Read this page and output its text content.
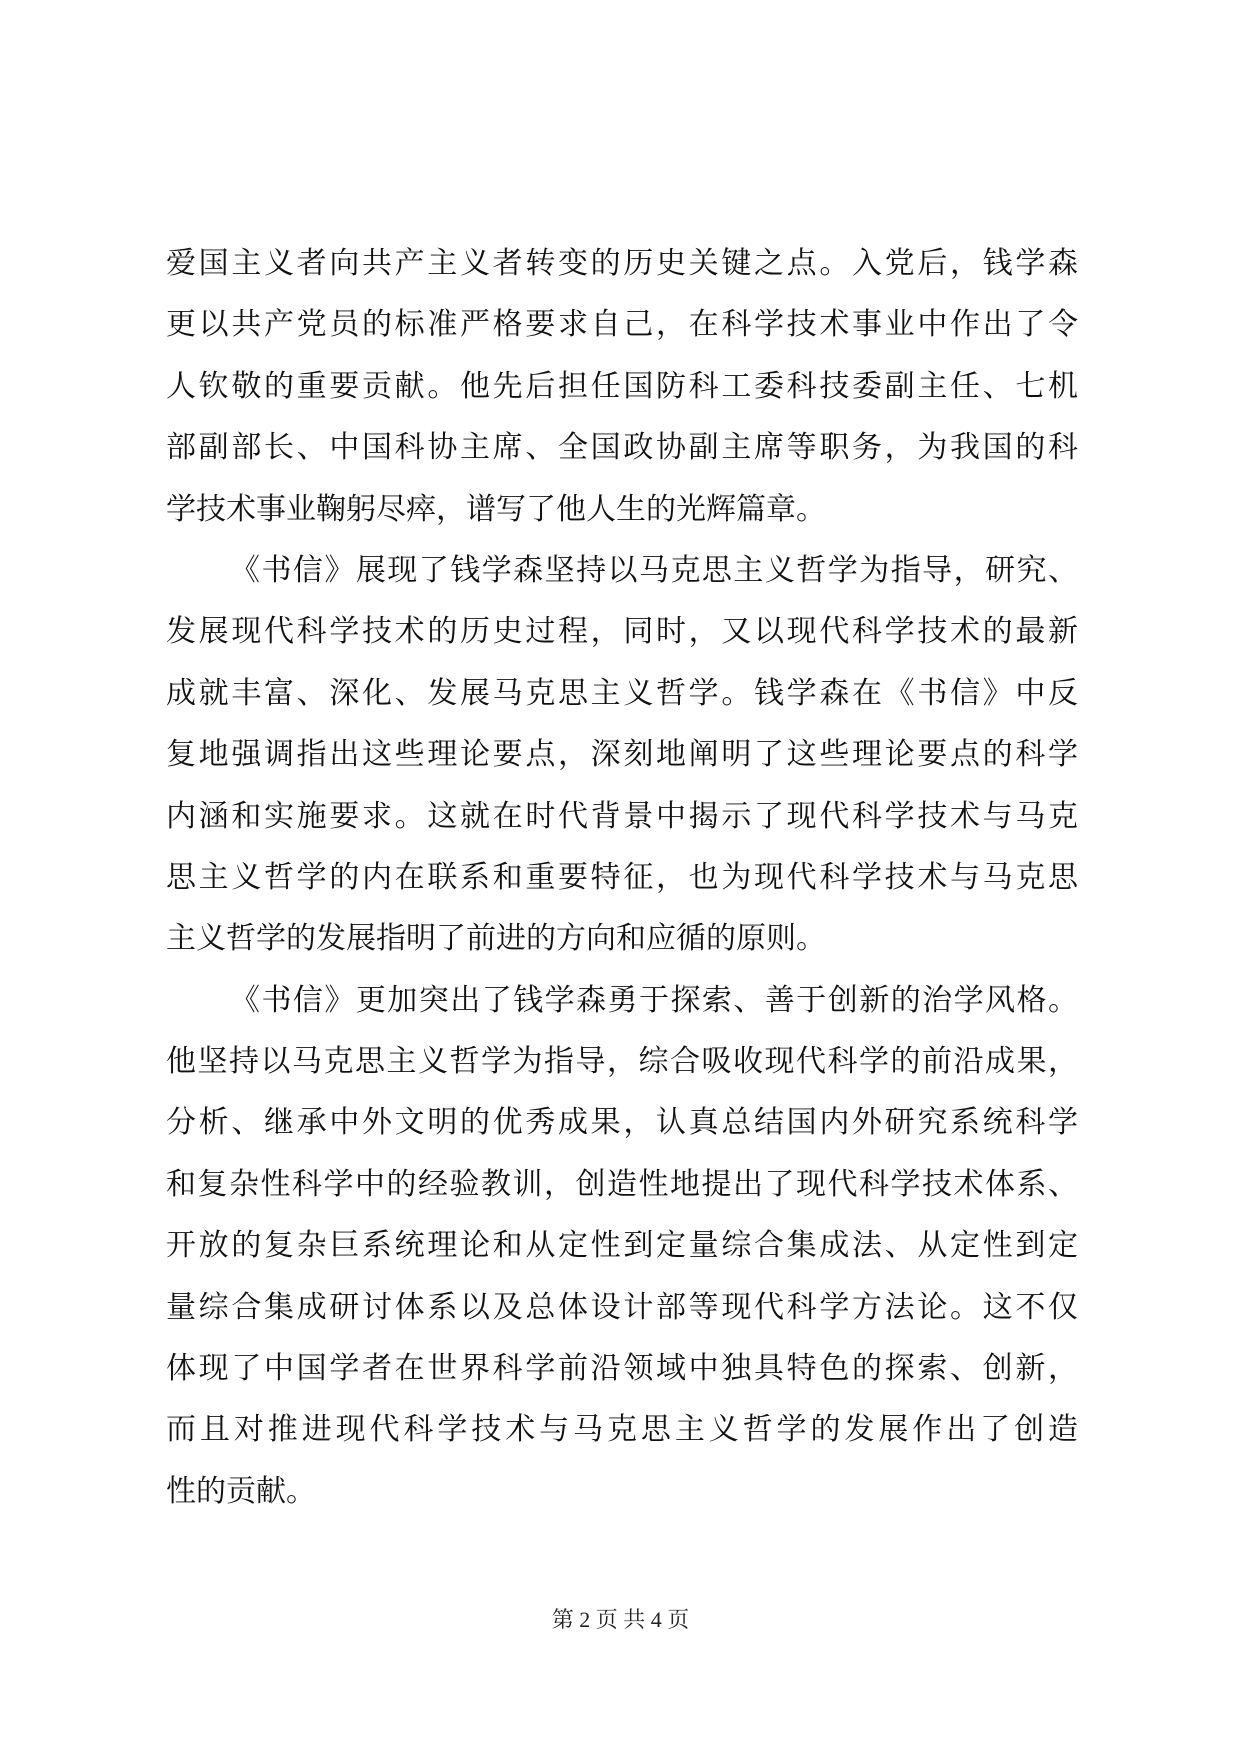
爱国主义者向共产主义者转变的历史关键之点。入党后，钱学森
更以共产党员的标准严格要求自己，在科学技术事业中作出了令
人钦敬的重要贡献。他先后担任国防科工委科技委副主任、七机
部副部长、中国科协主席、全国政协副主席等职务，为我国的科
学技术事业鞠躬尽瘁，谱写了他人生的光辉篇章。
《书信》展现了钱学森坚持以马克思主义哲学为指导，研究、
发展现代科学技术的历史过程，同时，又以现代科学技术的最新
成就丰富、深化、发展马克思主义哲学。钱学森在《书信》中反
复地强调指出这些理论要点，深刻地阐明了这些理论要点的科学
内涵和实施要求。这就在时代背景中揭示了现代科学技术与马克
思主义哲学的内在联系和重要特征，也为现代科学技术与马克思
主义哲学的发展指明了前进的方向和应循的原则。
《书信》更加突出了钱学森勇于探索、善于创新的治学风格。
他坚持以马克思主义哲学为指导，综合吸收现代科学的前沿成果，
分析、继承中外文明的优秀成果，认真总结国内外研究系统科学
和复杂性科学中的经验教训，创造性地提出了现代科学技术体系、
开放的复杂巨系统理论和从定性到定量综合集成法、从定性到定
量综合集成研讨体系以及总体设计部等现代科学方法论。这不仅
体现了中国学者在世界科学前沿领域中独具特色的探索、创新，
而且对推进现代科学技术与马克思主义哲学的发展作出了创造
性的贡献。
第 2 页 共 4 页
